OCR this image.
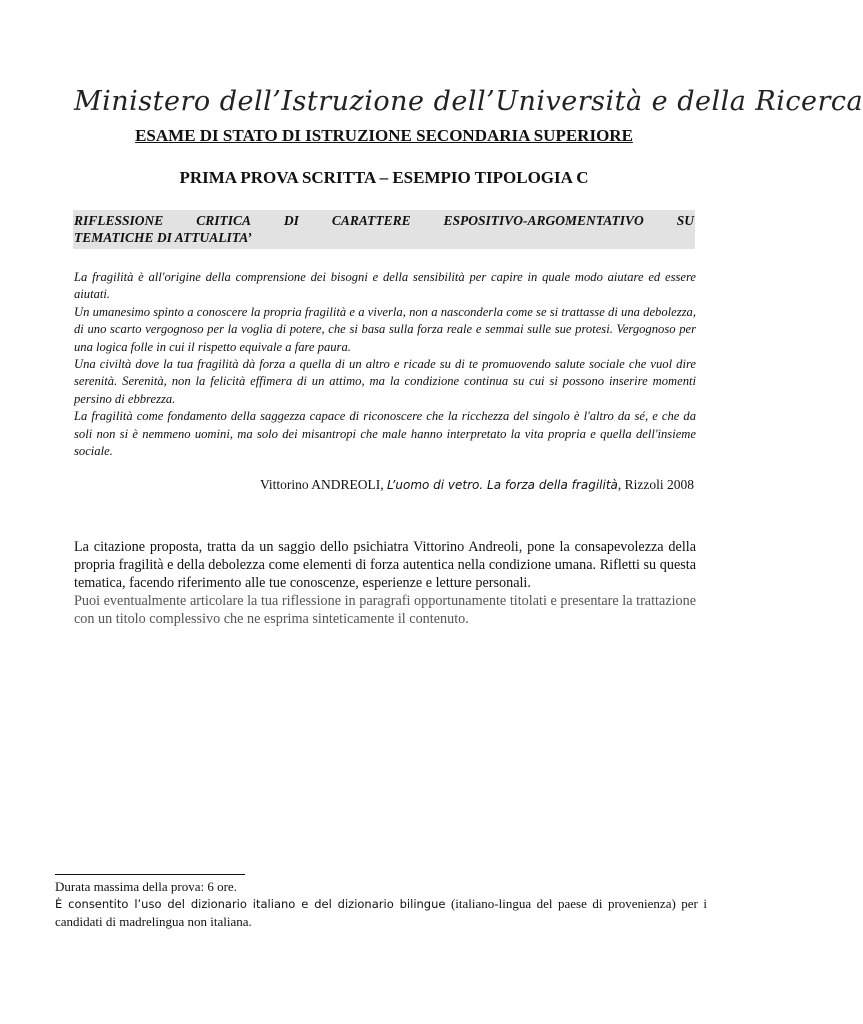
Ministero dell’Istruzione dell’Università e della Ricerca
ESAME DI STATO DI ISTRUZIONE SECONDARIA SUPERIORE
PRIMA PROVA SCRITTA – ESEMPIO TIPOLOGIA C
RIFLESSIONE CRITICA DI CARATTERE ESPOSITIVO-ARGOMENTATIVO SU
TEMATICHE DI ATTUALITA’

La fragilità è all'origine della comprensione dei bisogni e della sensibilità per capire in quale modo aiutare ed essere aiutati.

Un umanesimo spinto a conoscere la propria fragilità e a viverla, non a nasconderla come se si trattasse di una debolezza, di uno scarto vergognoso per la voglia di potere, che si basa sulla forza reale e semmai sulle sue protesi. Vergognoso per una logica folle in cui il rispetto equivale a fare paura.

Una civiltà dove la tua fragilità dà forza a quella di un altro e ricade su di te promuovendo salute sociale che vuol dire serenità. Serenità, non la felicità effimera di un attimo, ma la condizione continua su cui si possono inserire momenti persino di ebbrezza.

La fragilità come fondamento della saggezza capace di riconoscere che la ricchezza del singolo è l'altro da sé, e che da soli non si è nemmeno uomini, ma solo dei misantropi che male hanno interpretato la vita propria e quella dell'insieme sociale.

Vittorino ANDREOLI, L’uomo di vetro. La forza della fragilità, Rizzoli 2008

La citazione proposta, tratta da un saggio dello psichiatra Vittorino Andreoli, pone la consapevolezza della propria fragilità e della debolezza come elementi di forza autentica nella condizione umana. Rifletti su questa tematica, facendo riferimento alle tue conoscenze, esperienze e letture personali.

Puoi eventualmente articolare la tua riflessione in paragrafi opportunamente titolati e presentare la trattazione con un titolo complessivo che ne esprima sinteticamente il contenuto.

Durata massima della prova: 6 ore.

È consentito l’uso del dizionario italiano e del dizionario bilingue (italiano-lingua del paese di provenienza) per i candidati di madrelingua non italiana.
